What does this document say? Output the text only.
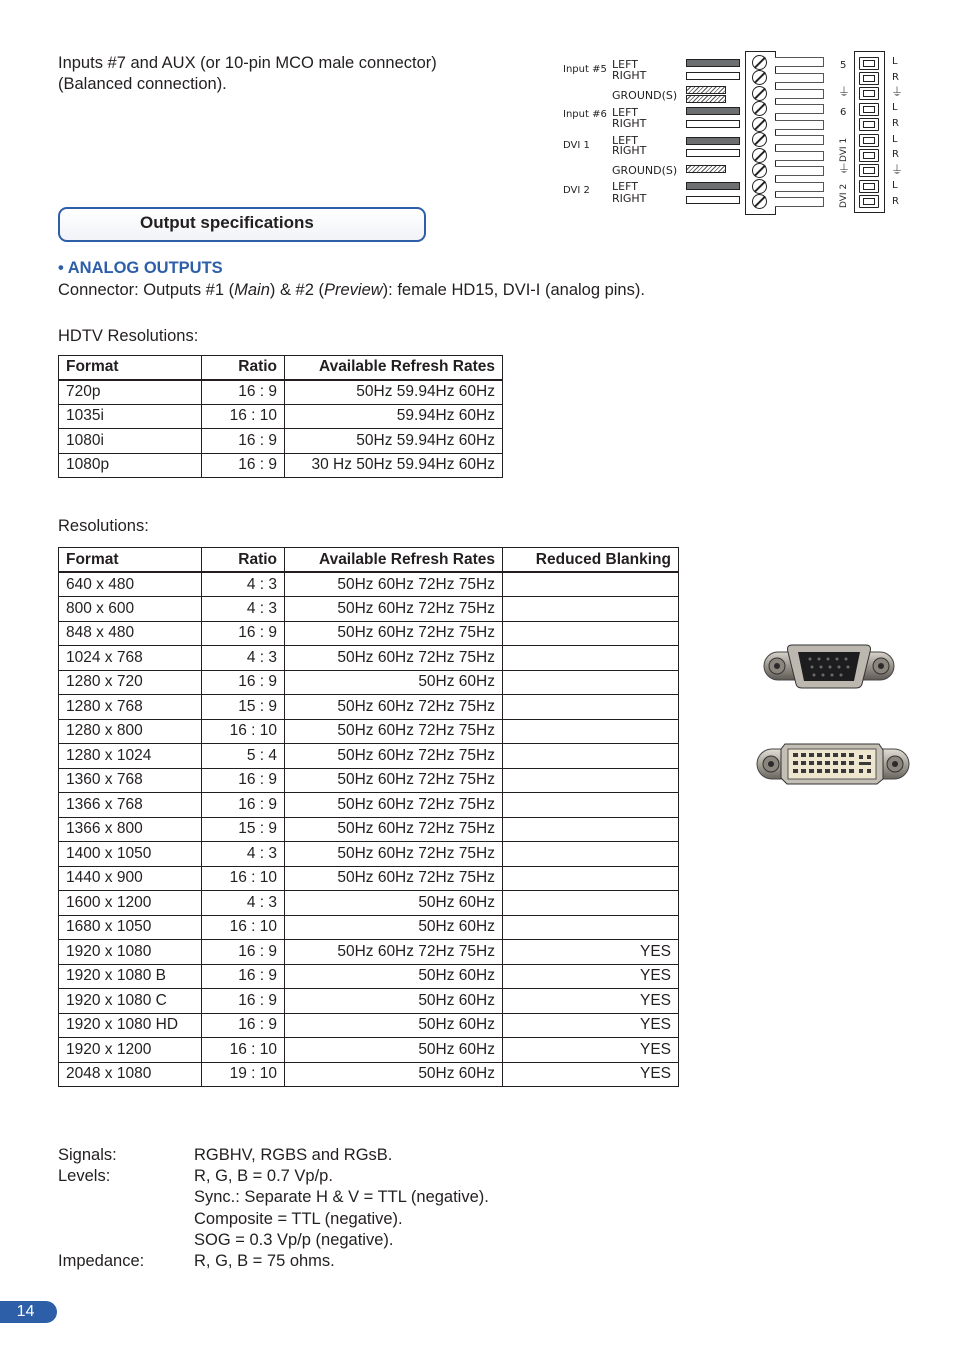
Inputs #7 and AUX (or 10-pin MCO male connector)
(Balanced connection).
Input #5
Input #6
DVI 1
DVI 2
LEFT
RIGHT
GROUND(S)
LEFT
RIGHT
LEFT
RIGHT
GROUND(S)
LEFT
RIGHT
5
6
⏚
⏚
DVI 1
DVI 2
L
R
⏚
L
R
L
R
⏚
L
R
Output specifications
• ANALOG OUTPUTS
Connector: Outputs #1 (Main) & #2 (Preview): female HD15, DVI-I (analog pins).
HDTV Resolutions:
Format	Ratio	Available Refresh Rates
720p	16 : 9	50Hz 59.94Hz 60Hz
1035i	16 : 10	59.94Hz 60Hz
1080i	16 : 9	50Hz 59.94Hz 60Hz
1080p	16 : 9	30 Hz 50Hz 59.94Hz 60Hz
Resolutions:
Format	Ratio	Available Refresh Rates	Reduced Blanking
640 x 480	4 : 3	50Hz 60Hz 72Hz 75Hz	
800 x 600	4 : 3	50Hz 60Hz 72Hz 75Hz	
848 x 480	16 : 9	50Hz 60Hz 72Hz 75Hz	
1024 x 768	4 : 3	50Hz 60Hz 72Hz 75Hz	
1280 x 720	16 : 9	50Hz 60Hz	
1280 x 768	15 : 9	50Hz 60Hz 72Hz 75Hz	
1280 x 800	16 : 10	50Hz 60Hz 72Hz 75Hz	
1280 x 1024	5 : 4	50Hz 60Hz 72Hz 75Hz	
1360 x 768	16 : 9	50Hz 60Hz 72Hz 75Hz	
1366 x 768	16 : 9	50Hz 60Hz 72Hz 75Hz	
1366 x 800	15 : 9	50Hz 60Hz 72Hz 75Hz	
1400 x 1050	4 : 3	50Hz 60Hz 72Hz 75Hz	
1440 x 900	16 : 10	50Hz 60Hz 72Hz 75Hz	
1600 x 1200	4 : 3	50Hz 60Hz	
1680 x 1050	16 : 10	50Hz 60Hz	
1920 x 1080	16 : 9	50Hz 60Hz 72Hz 75Hz	YES
1920 x 1080 B	16 : 9	50Hz 60Hz	YES
1920 x 1080 C	16 : 9	50Hz 60Hz	YES
1920 x 1080 HD	16 : 9	50Hz 60Hz	YES
1920 x 1200	16 : 10	50Hz 60Hz	YES
2048 x 1080	19 : 10	50Hz 60Hz	YES
Signals:	RGBHV, RGBS and RGsB.
Levels:	R, G, B = 0.7 Vp/p.
Sync.: Separate H & V = TTL (negative).
Composite = TTL (negative).
SOG = 0.3 Vp/p (negative).
Impedance:	R, G, B = 75 ohms.
14
